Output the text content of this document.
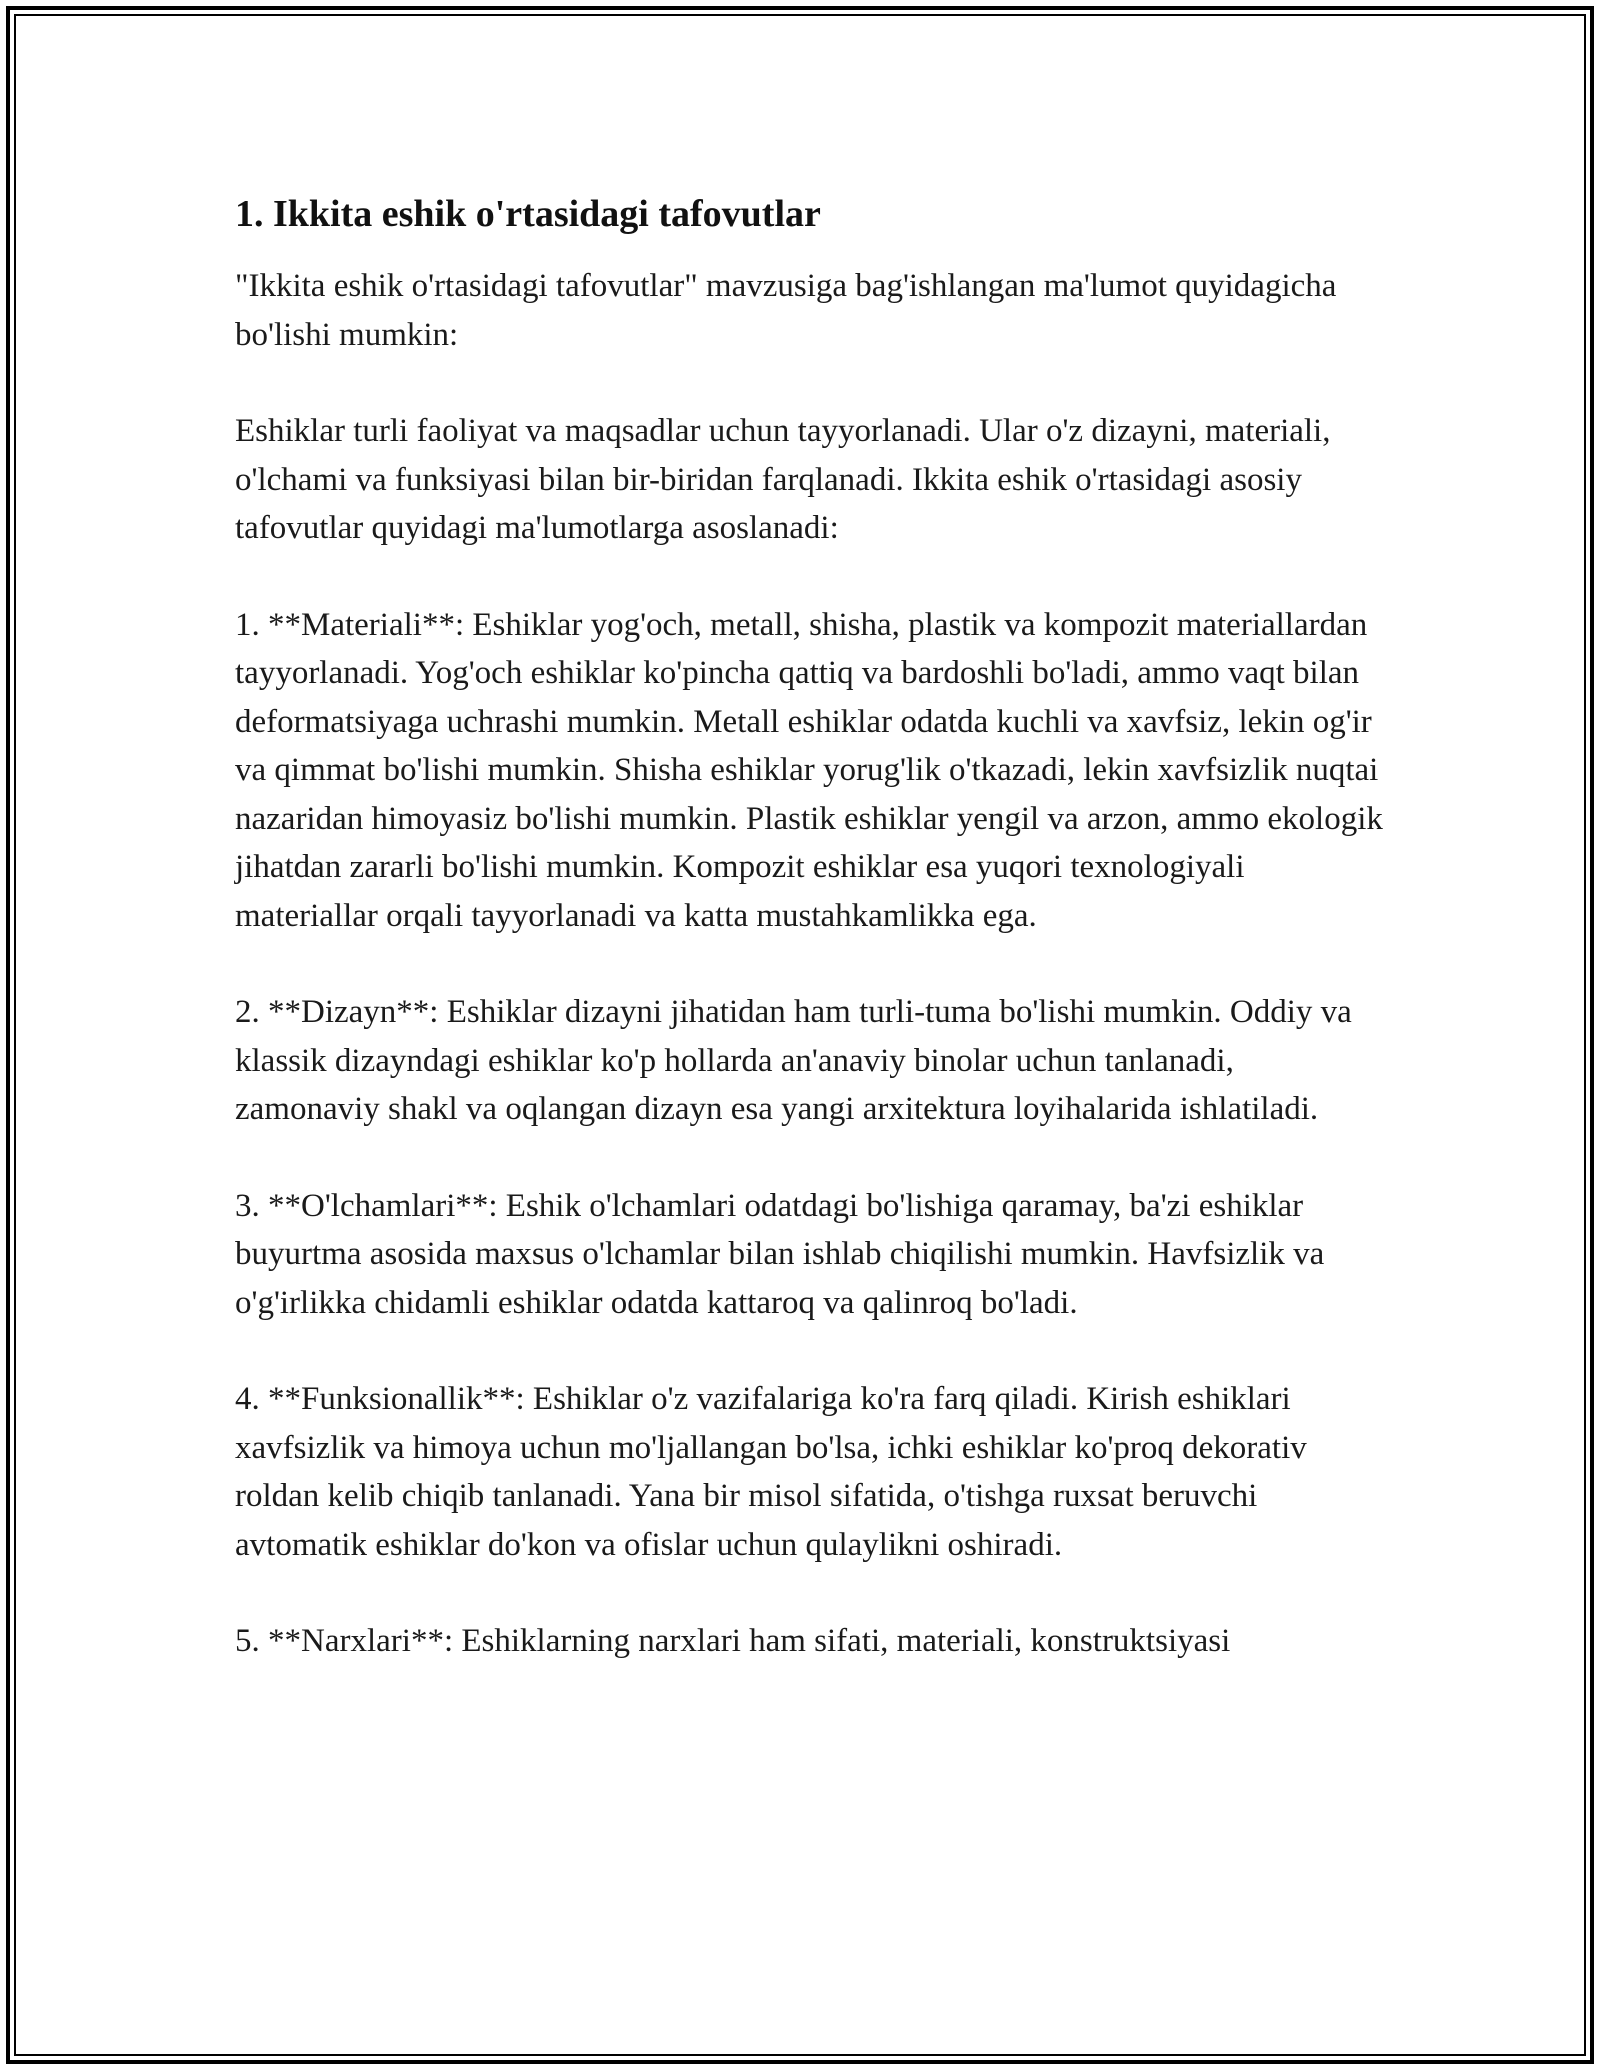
1. Ikkita eshik o'rtasidagi tafovutlar

"Ikkita eshik o'rtasidagi tafovutlar" mavzusiga bag'ishlangan ma'lumot quyidagicha bo'lishi mumkin:

Eshiklar turli faoliyat va maqsadlar uchun tayyorlanadi. Ular o'z dizayni, materiali, o'lchami va funksiyasi bilan bir-biridan farqlanadi. Ikkita eshik o'rtasidagi asosiy tafovutlar quyidagi ma'lumotlarga asoslanadi:

1. **Materiali**: Eshiklar yog'och, metall, shisha, plastik va kompozit materiallardan tayyorlanadi. Yog'och eshiklar ko'pincha qattiq va bardoshli bo'ladi, ammo vaqt bilan deformatsiyaga uchrashi mumkin. Metall eshiklar odatda kuchli va xavfsiz, lekin og'ir va qimmat bo'lishi mumkin. Shisha eshiklar yorug'lik o'tkazadi, lekin xavfsizlik nuqtai nazaridan himoyasiz bo'lishi mumkin. Plastik eshiklar yengil va arzon, ammo ekologik jihatdan zararli bo'lishi mumkin. Kompozit eshiklar esa yuqori texnologiyali materiallar orqali tayyorlanadi va katta mustahkamlikka ega.

2. **Dizayn**: Eshiklar dizayni jihatidan ham turli-tuma bo'lishi mumkin. Oddiy va klassik dizayndagi eshiklar ko'p hollarda an'anaviy binolar uchun tanlanadi, zamonaviy shakl va oqlangan dizayn esa yangi arxitektura loyihalarida ishlatiladi.

3. **O'lchamlari**: Eshik o'lchamlari odatdagi bo'lishiga qaramay, ba'zi eshiklar buyurtma asosida maxsus o'lchamlar bilan ishlab chiqilishi mumkin. Havfsizlik va o'g'irlikka chidamli eshiklar odatda kattaroq va qalinroq bo'ladi.

4. **Funksionallik**: Eshiklar o'z vazifalariga ko'ra farq qiladi. Kirish eshiklari xavfsizlik va himoya uchun mo'ljallangan bo'lsa, ichki eshiklar ko'proq dekorativ roldan kelib chiqib tanlanadi. Yana bir misol sifatida, o'tishga ruxsat beruvchi avtomatik eshiklar do'kon va ofislar uchun qulaylikni oshiradi.

5. **Narxlari**: Eshiklarning narxlari ham sifati, materiali, konstruktsiyasi
